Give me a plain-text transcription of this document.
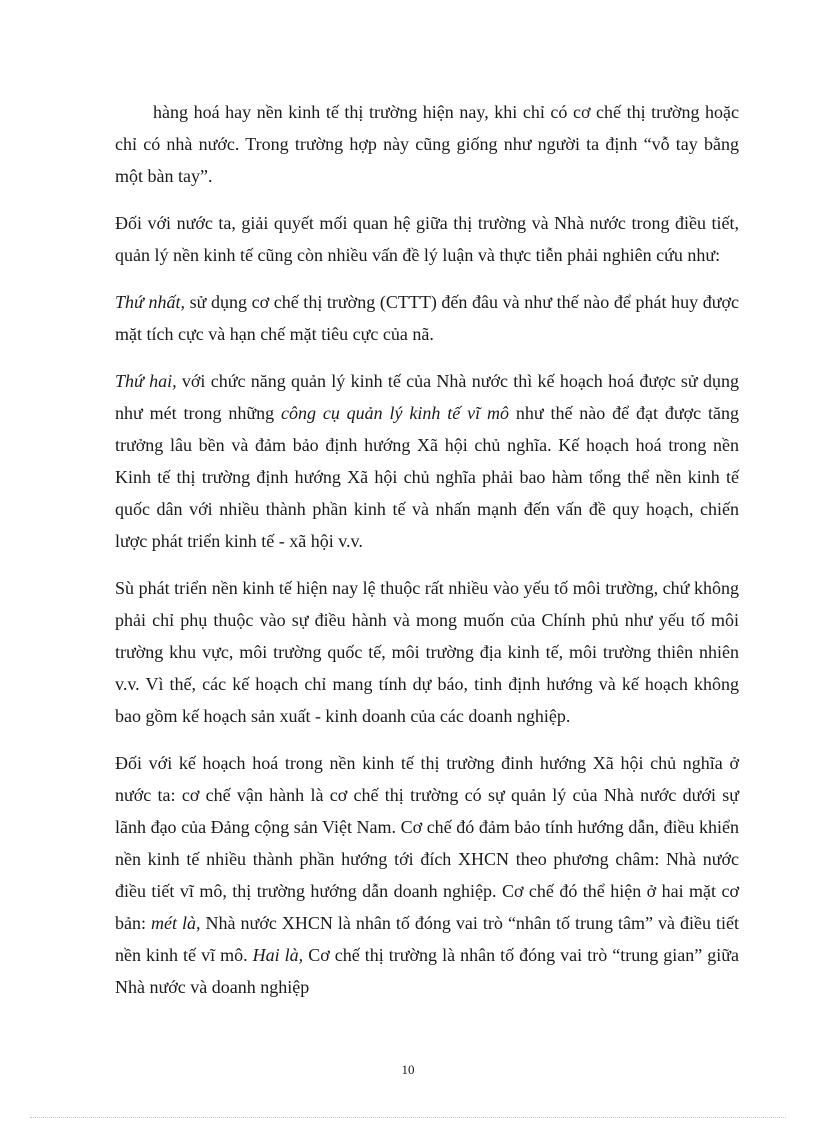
hàng hoá hay nền kinh tế thị trường hiện nay, khi chỉ có cơ chế thị trường hoặc chỉ có nhà nước. Trong trường hợp này cũng giống như người ta định “vỗ tay bằng một bàn tay”.

Đối với nước ta, giải quyết mối quan hệ giữa thị trường và Nhà nước trong điều tiết, quản lý nền kinh tế cũng còn nhiều vấn đề lý luận và thực tiễn phải nghiên cứu như:

Thứ nhất, sử dụng cơ chế thị trường (CTTT) đến đâu và như thế nào để phát huy được mặt tích cực và hạn chế mặt tiêu cực của nã.

Thứ hai, với chức năng quản lý kinh tế của Nhà nước thì kế hoạch hoá được sử dụng như mét trong những công cụ quản lý kinh tế vĩ mô như thế nào để đạt được tăng trưởng lâu bền và đảm bảo định hướng Xã hội chủ nghĩa. Kế hoạch hoá trong nền Kinh tế thị trường định hướng Xã hội chủ nghĩa phải bao hàm tổng thể nền kinh tế quốc dân với nhiều thành phần kinh tế và nhấn mạnh đến vấn đề quy hoạch, chiến lược phát triển kinh tế - xã hội v.v.

Sù phát triển nền kinh tế hiện nay lệ thuộc rất nhiều vào yếu tố môi trường, chứ không phải chỉ phụ thuộc vào sự điều hành và mong muốn của Chính phủ như yếu tố môi trường khu vực, môi trường quốc tế, môi trường địa kinh tế, môi trường thiên nhiên v.v. Vì thế, các kế hoạch chỉ mang tính dự báo, tinh định hướng và kế hoạch không bao gồm kế hoạch sản xuất - kinh doanh của các doanh nghiệp.

Đối với kế hoạch hoá trong nền kinh tế thị trường đinh hướng Xã hội chủ nghĩa ở nước ta: cơ chế vận hành là cơ chế thị trường có sự quản lý của Nhà nước dưới sự lãnh đạo của Đảng cộng sản Việt Nam. Cơ chế đó đảm bảo tính hướng dẫn, điều khiển nền kinh tế nhiều thành phần hướng tới đích XHCN theo phương châm: Nhà nước điều tiết vĩ mô, thị trường hướng dẫn doanh nghiệp. Cơ chế đó thể hiện ở hai mặt cơ bản: mét là, Nhà nước XHCN là nhân tố đóng vai trò “nhân tố trung tâm” và điều tiết nền kinh tế vĩ mô. Hai là, Cơ chế thị trường là nhân tố đóng vai trò “trung gian” giữa Nhà nước và doanh nghiệp

10
